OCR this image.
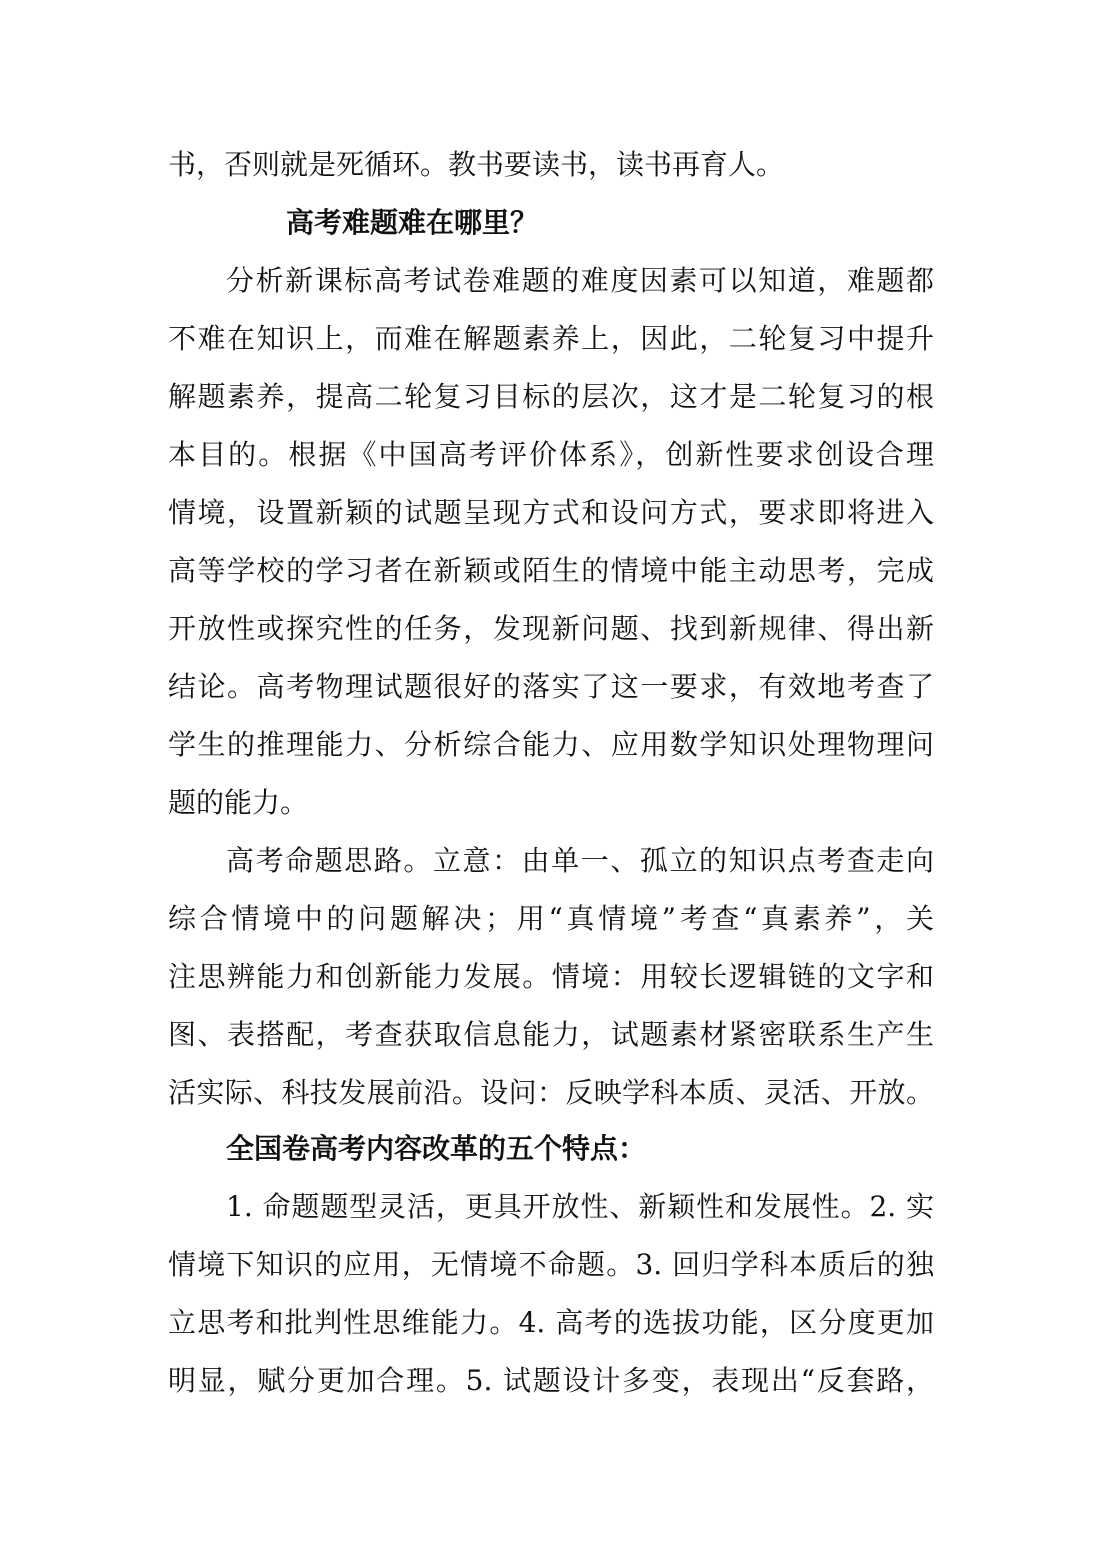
书，否则就是死循环。教书要读书，读书再育人。
高考难题难在哪里？
分析新课标高考试卷难题的难度因素可以知道，难题都
不难在知识上，而难在解题素养上，因此，二轮复习中提升
解题素养，提高二轮复习目标的层次，这才是二轮复习的根
本目的。根据《中国高考评价体系》，创新性要求创设合理
情境，设置新颖的试题呈现方式和设问方式，要求即将进入
高等学校的学习者在新颖或陌生的情境中能主动思考，完成
开放性或探究性的任务，发现新问题、找到新规律、得出新
结论。高考物理试题很好的落实了这一要求，有效地考查了
学生的推理能力、分析综合能力、应用数学知识处理物理问
题的能力。
高考命题思路。立意：由单一、孤立的知识点考查走向
综合情境中的问题解决；用“真情境”考查“真素养”，关
注思辨能力和创新能力发展。情境：用较长逻辑链的文字和
图、表搭配，考查获取信息能力，试题素材紧密联系生产生
活实际、科技发展前沿。设问：反映学科本质、灵活、开放。
全国卷高考内容改革的五个特点：
1. 命题题型灵活，更具开放性、新颖性和发展性。2. 实
情境下知识的应用，无情境不命题。3. 回归学科本质后的独
立思考和批判性思维能力。4. 高考的选拔功能，区分度更加
明显，赋分更加合理。5. 试题设计多变，表现出“反套路，
